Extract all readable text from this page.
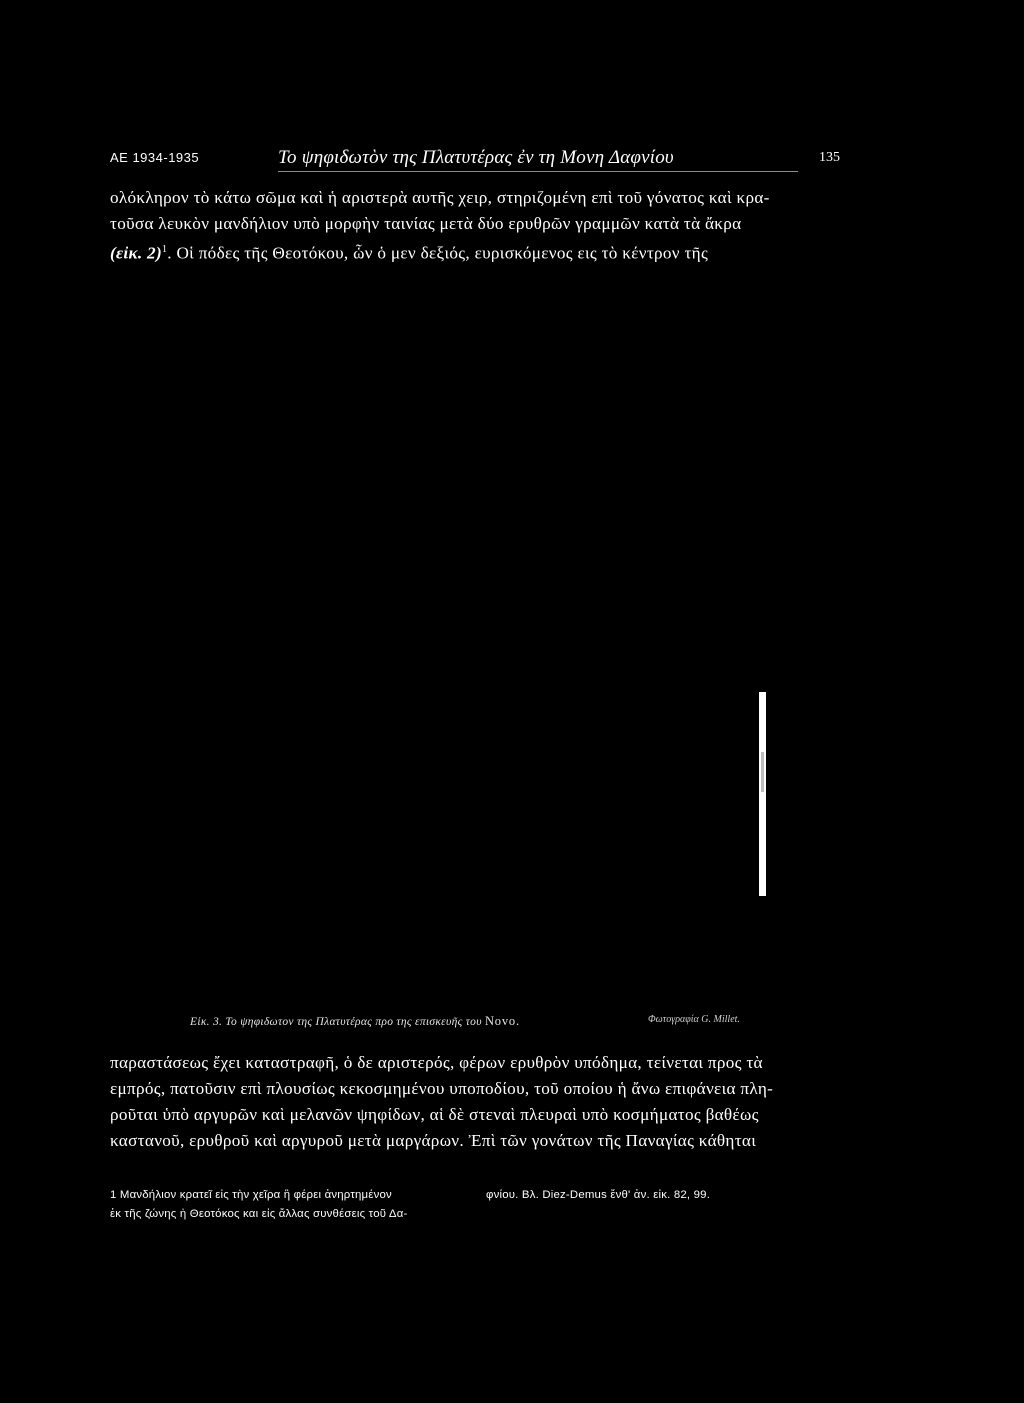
AE 1934-1935	Το ψηφιδωτὸν της Πλατυτέρας ἐν τη Μονη Δαφνίου	135
ολόκληρον τὸ κάτω σῶμα καὶ ἡ αριστερὰ αυτῆς χειρ, στηριζομένη επὶ τοῦ γόνατος καὶ κρα-
τοῦσα λευκὸν μανδήλιον υπὸ μορφὴν ταινίας μετὰ δύο ερυθρῶν γραμμῶν κατὰ τὰ ἄκρα
(εἰκ. 2)$^1$. Οἱ πόδες τῆς Θεοτόκου, ὧν ὁ μεν δεξιός, ευρισκόμενος εις τὸ κέντρον τῆς
Εἰκ. 3. Το ψηφιδωτον της Πλατυτέρας προ της επισκευῆς του Novo.	Φωτογραφία G. Millet.
παραστάσεως ἔχει καταστραφῆ, ὁ δε αριστερός, φέρων ερυθρὸν υπόδημα, τείνεται προς τὰ
εμπρός, πατοῦσιν επὶ πλουσίως κεκοσμημένου υποποδίου, τοῦ οποίου ἡ ἄνω επιφάνεια πλη-
ροῦται ὑπὸ αργυρῶν καὶ μελανῶν ψηφίδων, αἱ δὲ στεναὶ πλευραὶ υπὸ κοσμήματος βαθέως
καστανοῦ, ερυθροῦ καὶ αργυροῦ μετὰ μαργάρων. Ἐπὶ τῶν γονάτων τῆς Παναγίας κάθηται
1 Μανδήλιον κρατεῖ εἰς τὴν χεῖρα ἢ φέρει ἀνηρτημένον
ἐκ τῆς ζώνης ἡ Θεοτόκος και εἰς ἄλλας συνθέσεις τοῦ Δα-
φνίου. Βλ. Diez-Demus ἔνθ' ἀν. εἰκ. 82, 99.
